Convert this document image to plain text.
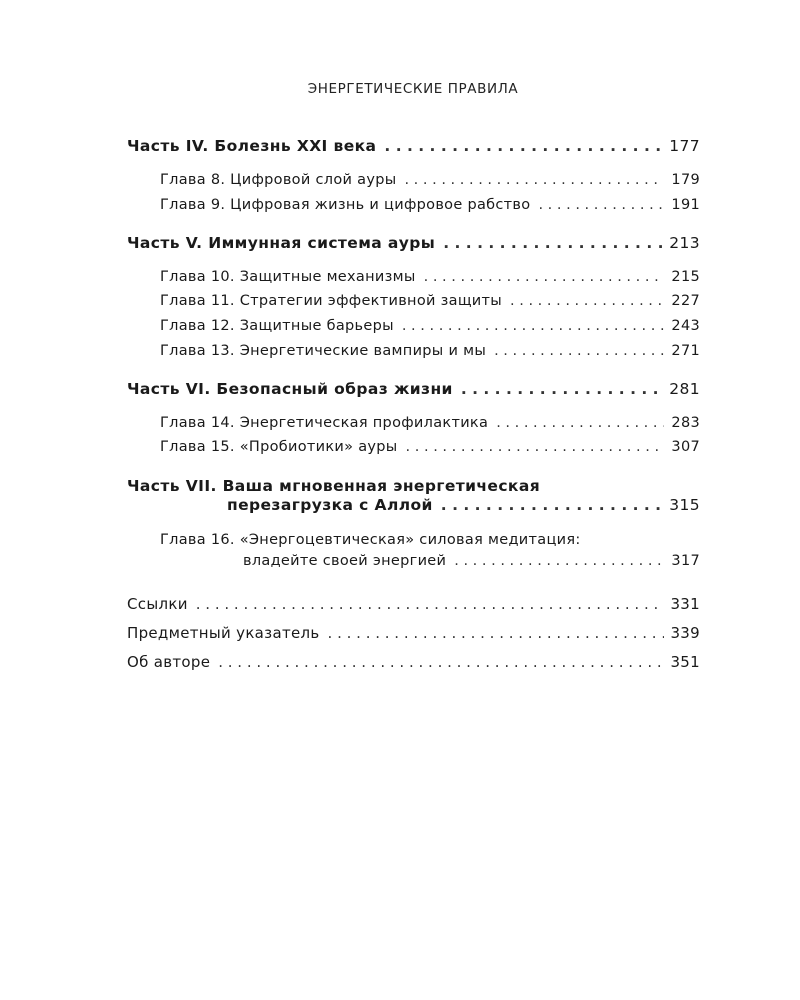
ЭНЕРГЕТИЧЕСКИЕ ПРАВИЛА
Часть IV. Болезнь XXI века . . .	177
Глава 8. Цифровой слой ауры . . .	179
Глава 9. Цифровая жизнь и цифровое рабство . . .	191
Часть V. Иммунная система ауры . . .	213
Глава 10. Защитные механизмы . . .	215
Глава 11. Стратегии эффективной защиты . . .	227
Глава 12. Защитные барьеры . . .	243
Глава 13. Энергетические вампиры и мы . . .	271
Часть VI. Безопасный образ жизни . . .	281
Глава 14. Энергетическая профилактика . . .	283
Глава 15. «Пробиотики» ауры . . .	307
Часть VII. Ваша мгновенная энергетическая
перезагрузка с Аллой . . .	315
Глава 16. «Энергоцевтическая» силовая медитация:
владейте своей энергией . . .	317
Ссылки . . .	331
Предметный указатель . . .	339
Об авторе . . .	351
